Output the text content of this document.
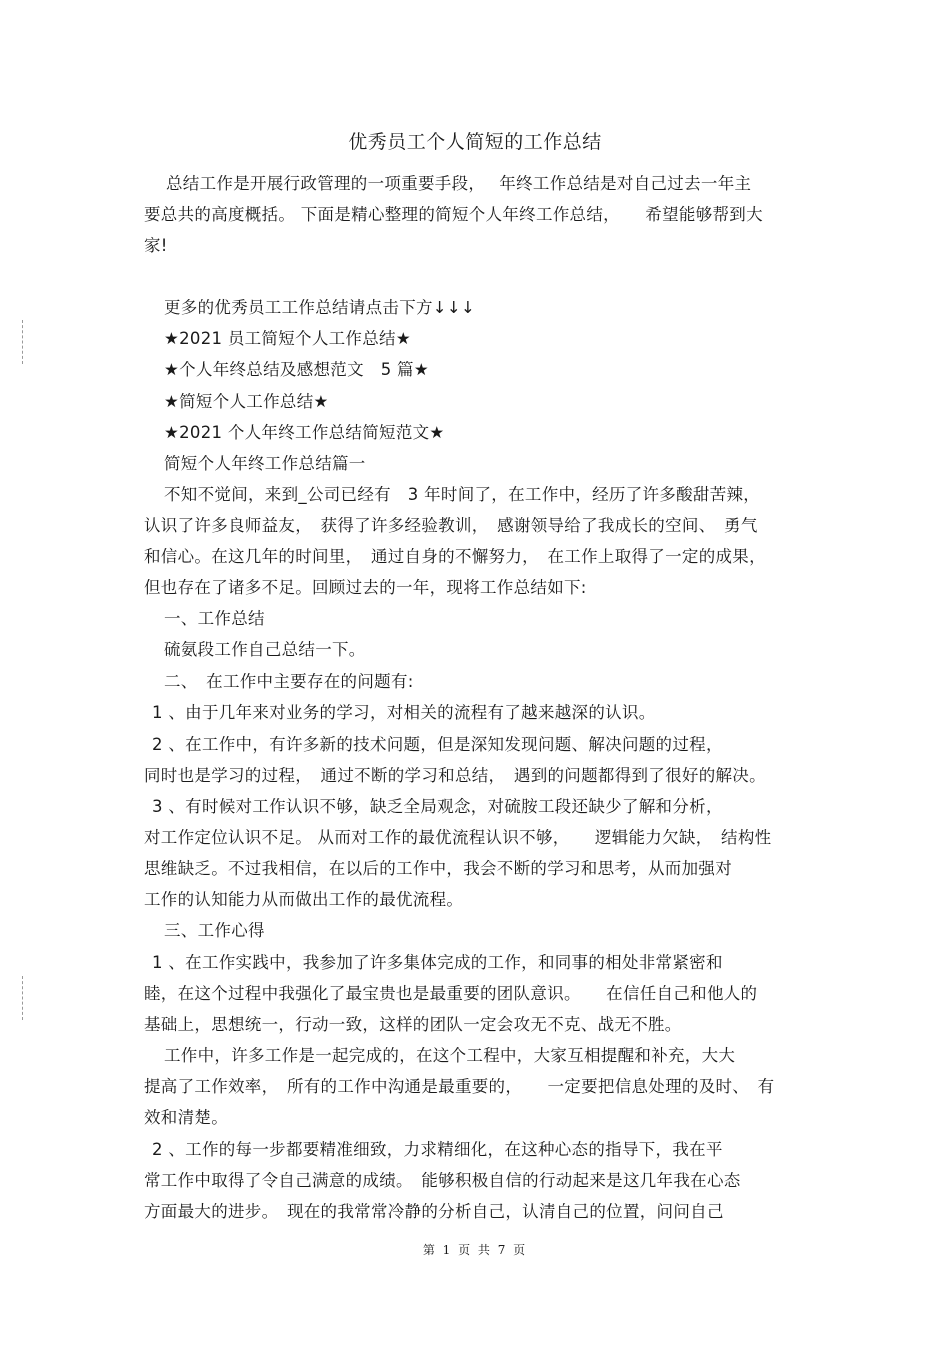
优秀员工个人简短的工作总结
总结工作是开展行政管理的一项重要手段，　 年终工作总结是对自己过去一年主
要总共的高度概括。 下面是精心整理的简短个人年终工作总结，　　希望能够帮到大
家!
更多的优秀员工工作总结请点击下方↓↓↓
★2021 员工简短个人工作总结★
★个人年终总结及感想范文　5 篇★
★简短个人工作总结★
★2021 个人年终工作总结简短范文★
简短个人年终工作总结篇一
不知不觉间，来到_公司已经有　3 年时间了，在工作中，经历了许多酸甜苦辣，
认识了许多良师益友，　获得了许多经验教训，　感谢领导给了我成长的空间、　勇气
和信心。在这几年的时间里，　通过自身的不懈努力，　在工作上取得了一定的成果，
但也存在了诸多不足。回顾过去的一年，现将工作总结如下:
一、工作总结
硫氨段工作自己总结一下。
二、　在工作中主要存在的问题有:
1 、由于几年来对业务的学习，对相关的流程有了越来越深的认识。
2 、在工作中，有许多新的技术问题，但是深知发现问题、解决问题的过程，
同时也是学习的过程，　通过不断的学习和总结，　遇到的问题都得到了很好的解决。
3 、有时候对工作认识不够，缺乏全局观念，对硫胺工段还缺少了解和分析，
对工作定位认识不足。 从而对工作的最优流程认识不够，　　逻辑能力欠缺，　结构性
思维缺乏。不过我相信，在以后的工作中，我会不断的学习和思考，从而加强对
工作的认知能力从而做出工作的最优流程。
三、工作心得
1 、在工作实践中，我参加了许多集体完成的工作，和同事的相处非常紧密和
睦，在这个过程中我强化了最宝贵也是最重要的团队意识。　　在信任自己和他人的
基础上，思想统一，行动一致，这样的团队一定会攻无不克、战无不胜。
工作中，许多工作是一起完成的，在这个工程中，大家互相提醒和补充，大大
提高了工作效率，　所有的工作中沟通是最重要的，　　一定要把信息处理的及时、　有
效和清楚。
2 、工作的每一步都要精准细致，力求精细化，在这种心态的指导下，我在平
常工作中取得了令自己满意的成绩。　能够积极自信的行动起来是这几年我在心态
方面最大的进步。　现在的我常常冷静的分析自己，认清自己的位置，问问自己
第 1 页 共 7 页
